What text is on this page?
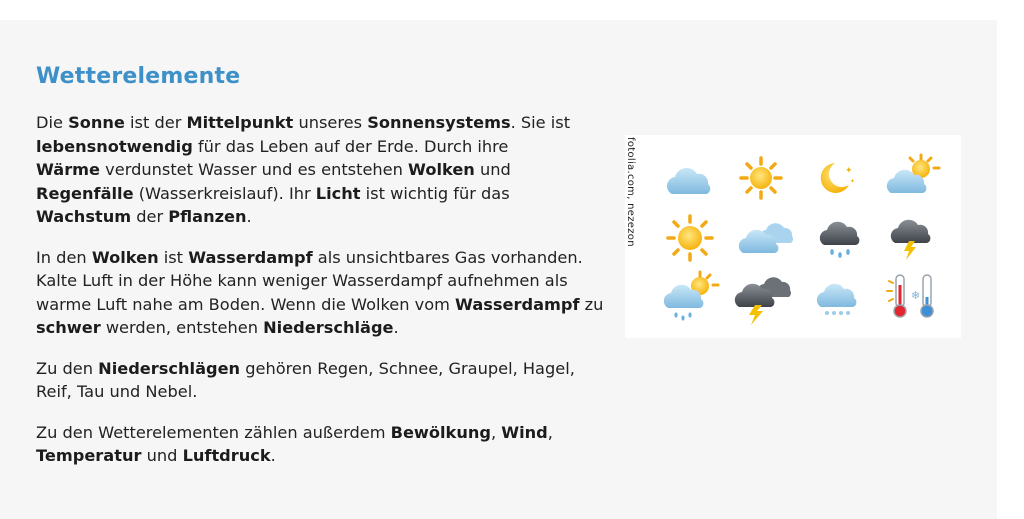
Wetterelemente

Die Sonne ist der Mittelpunkt unseres Sonnensystems. Sie ist
lebensnotwendig für das Leben auf der Erde. Durch ihre
Wärme verdunstet Wasser und es entstehen Wolken und
Regenfälle (Wasserkreislauf). Ihr Licht ist wichtig für das
Wachstum der Pflanzen.

In den Wolken ist Wasserdampf als unsichtbares Gas vorhanden.
Kalte Luft in der Höhe kann weniger Wasserdampf aufnehmen als
warme Luft nahe am Boden. Wenn die Wolken vom Wasserdampf zu
schwer werden, entstehen Niederschläge.

Zu den Niederschlägen gehören Regen, Schnee, Graupel, Hagel,
Reif, Tau und Nebel.

Zu den Wetterelementen zählen außerdem Bewölkung, Wind,
Temperatur und Luftdruck.

✦
✦
❄
fotolia.com, nezezon
